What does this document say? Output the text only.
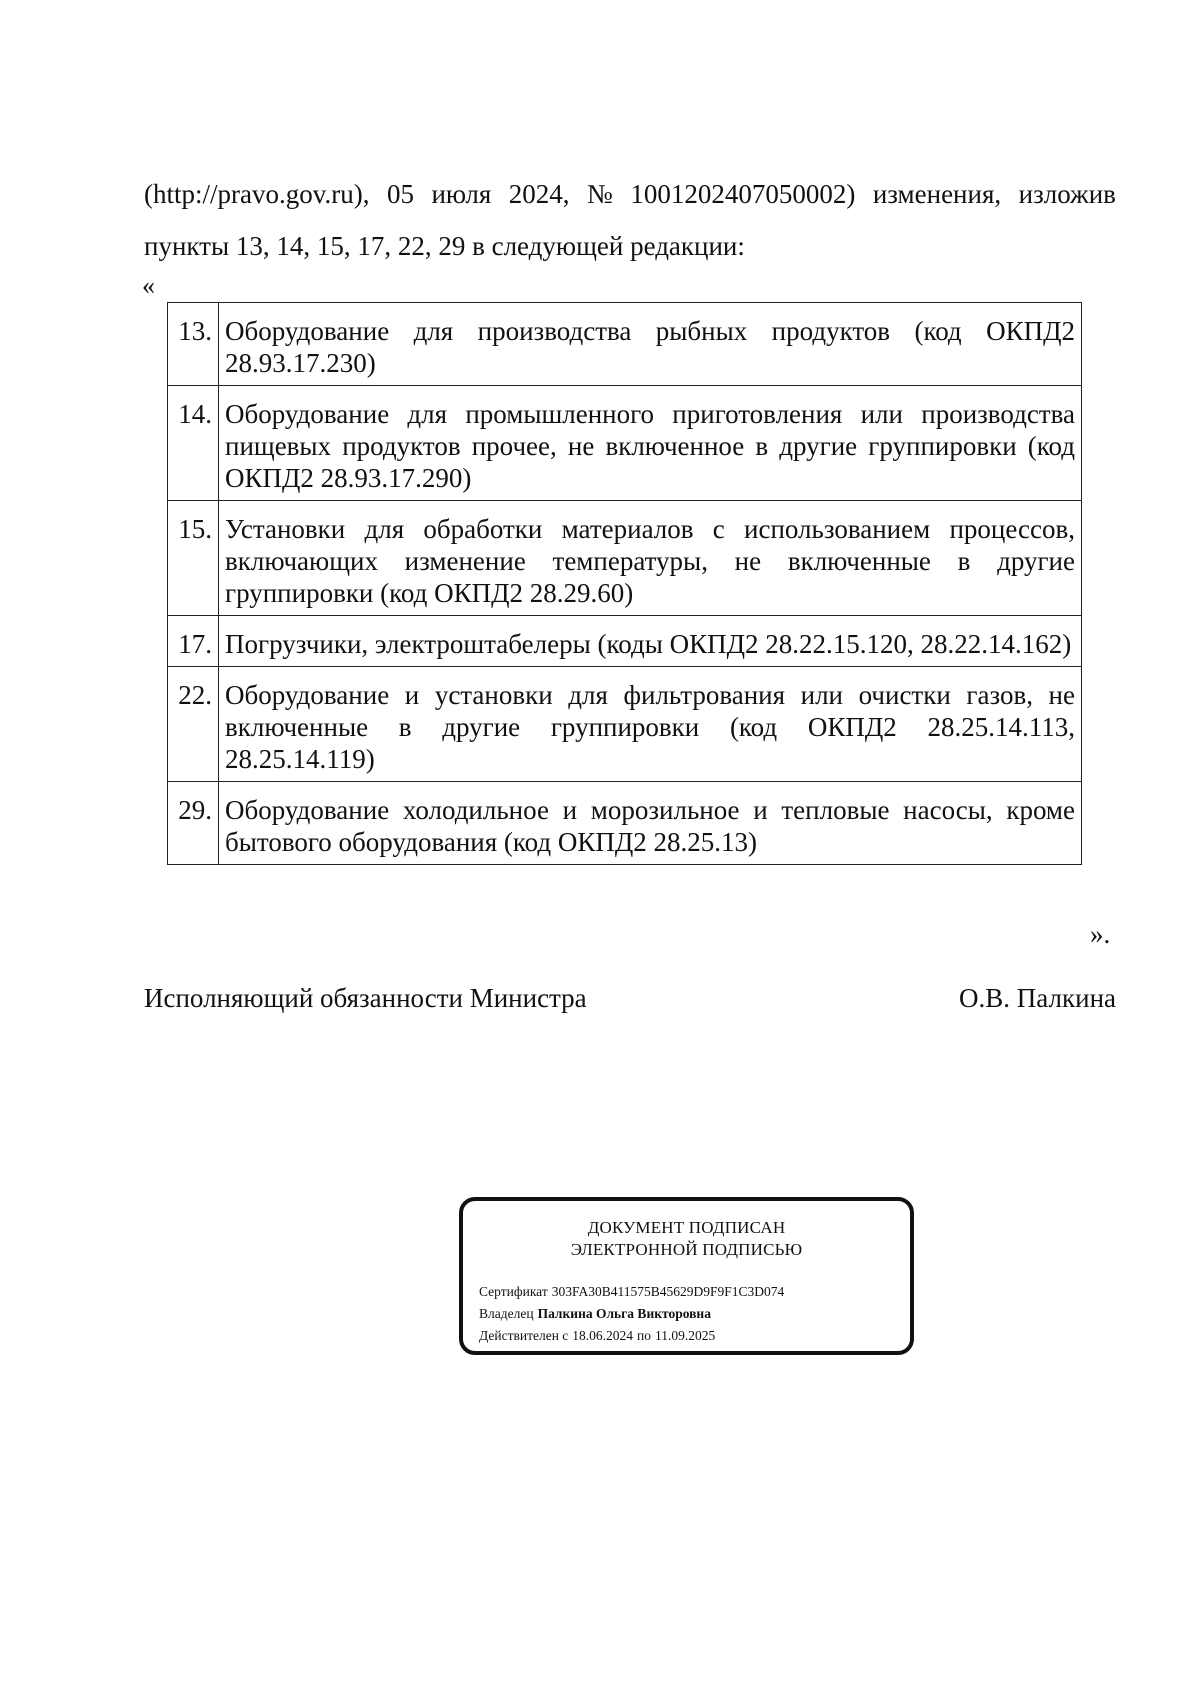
(http://pravo.gov.ru), 05 июля 2024, № 1001202407050002) изменения, изложив
пункты 13, 14, 15, 17, 22, 29 в следующей редакции:
«
13.	Оборудование для производства рыбных продуктов (код ОКПД2 28.93.17.230)
14.	Оборудование для промышленного приготовления или производства пищевых продуктов прочее, не включенное в другие группировки (код ОКПД2 28.93.17.290)
15.	Установки для обработки материалов с использованием процессов, включающих изменение температуры, не включенные в другие группировки (код ОКПД2 28.29.60)
17.	Погрузчики, электроштабелеры (коды ОКПД2 28.22.15.120, 28.22.14.162)
22.	Оборудование и установки для фильтрования или очистки газов, не включенные в другие группировки (код ОКПД2 28.25.14.113, 28.25.14.119)
29.	Оборудование холодильное и морозильное и тепловые насосы, кроме бытового оборудования (код ОКПД2 28.25.13)
».
Исполняющий обязанности Министра	О.В. Палкина
ДОКУМЕНТ ПОДПИСАН
ЭЛЕКТРОННОЙ ПОДПИСЬЮ
Сертификат 303FA30B411575B45629D9F9F1C3D074
Владелец Палкина Ольга Викторовна
Действителен с 18.06.2024 по 11.09.2025
